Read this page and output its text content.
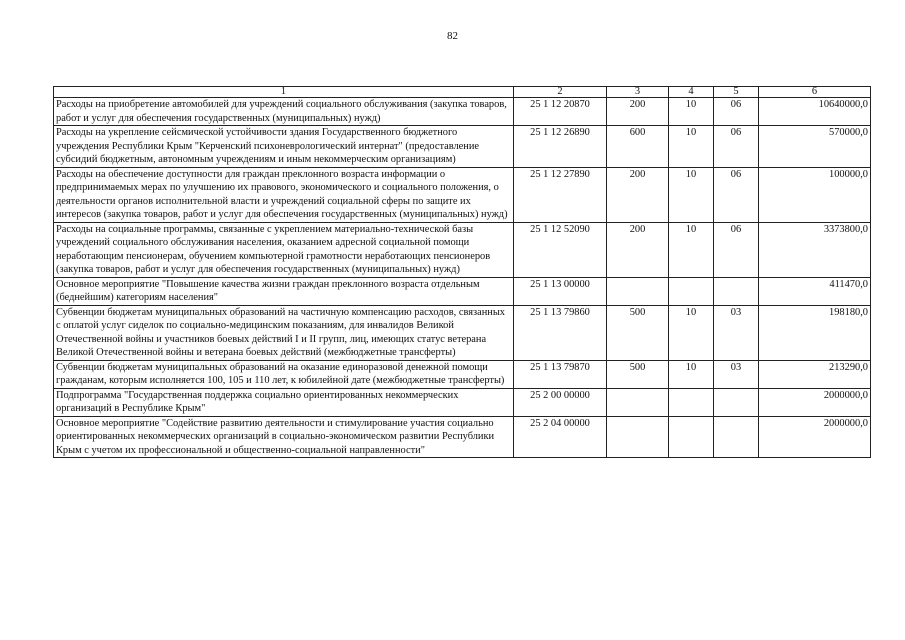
82
1	2	3	4	5	6
Расходы на приобретение автомобилей для учреждений социального обслуживания (закупка товаров, работ и услуг для обеспечения государственных (муниципальных) нужд)	25 1 12 20870	200	10	06	10640000,0
Расходы на укрепление сейсмической устойчивости здания Государственного бюджетного учреждения Республики Крым "Керченский психоневрологический интернат" (предоставление субсидий бюджетным, автономным учреждениям и иным некоммерческим организациям)	25 1 12 26890	600	10	06	570000,0
Расходы на обеспечение доступности для граждан преклонного возраста информации о предпринимаемых мерах по улучшению их правового, экономического и социального положения, о деятельности органов исполнительной власти и учреждений социальной сферы по защите их интересов (закупка товаров, работ и услуг для обеспечения государственных (муниципальных) нужд)	25 1 12 27890	200	10	06	100000,0
Расходы на социальные программы, связанные с укреплением материально-технической базы учреждений социального обслуживания населения, оказанием адресной социальной помощи неработающим пенсионерам, обучением компьютерной грамотности неработающих пенсионеров (закупка товаров, работ и услуг для обеспечения государственных (муниципальных) нужд)	25 1 12 52090	200	10	06	3373800,0
Основное мероприятие "Повышение качества жизни граждан преклонного возраста отдельным (беднейшим) категориям населения"	25 1 13 00000				411470,0
Субвенции бюджетам муниципальных образований на частичную компенсацию расходов, связанных с оплатой услуг сиделок по социально-медицинским показаниям, для инвалидов Великой Отечественной войны и участников боевых действий I и II групп, лиц, имеющих статус ветерана Великой Отечественной войны и ветерана боевых действий (межбюджетные трансферты)	25 1 13 79860	500	10	03	198180,0
Субвенции бюджетам муниципальных образований на оказание единоразовой денежной помощи гражданам, которым исполняется 100, 105 и 110 лет, к юбилейной дате (межбюджетные трансферты)	25 1 13 79870	500	10	03	213290,0
Подпрограмма "Государственная поддержка социально ориентированных некоммерческих организаций в Республике Крым"	25 2 00 00000				2000000,0
Основное мероприятие "Содействие развитию деятельности и стимулирование участия социально ориентированных некоммерческих организаций в социально-экономическом развитии Республики Крым с учетом их профессиональной и общественно-социальной направленности"	25 2 04 00000				2000000,0
